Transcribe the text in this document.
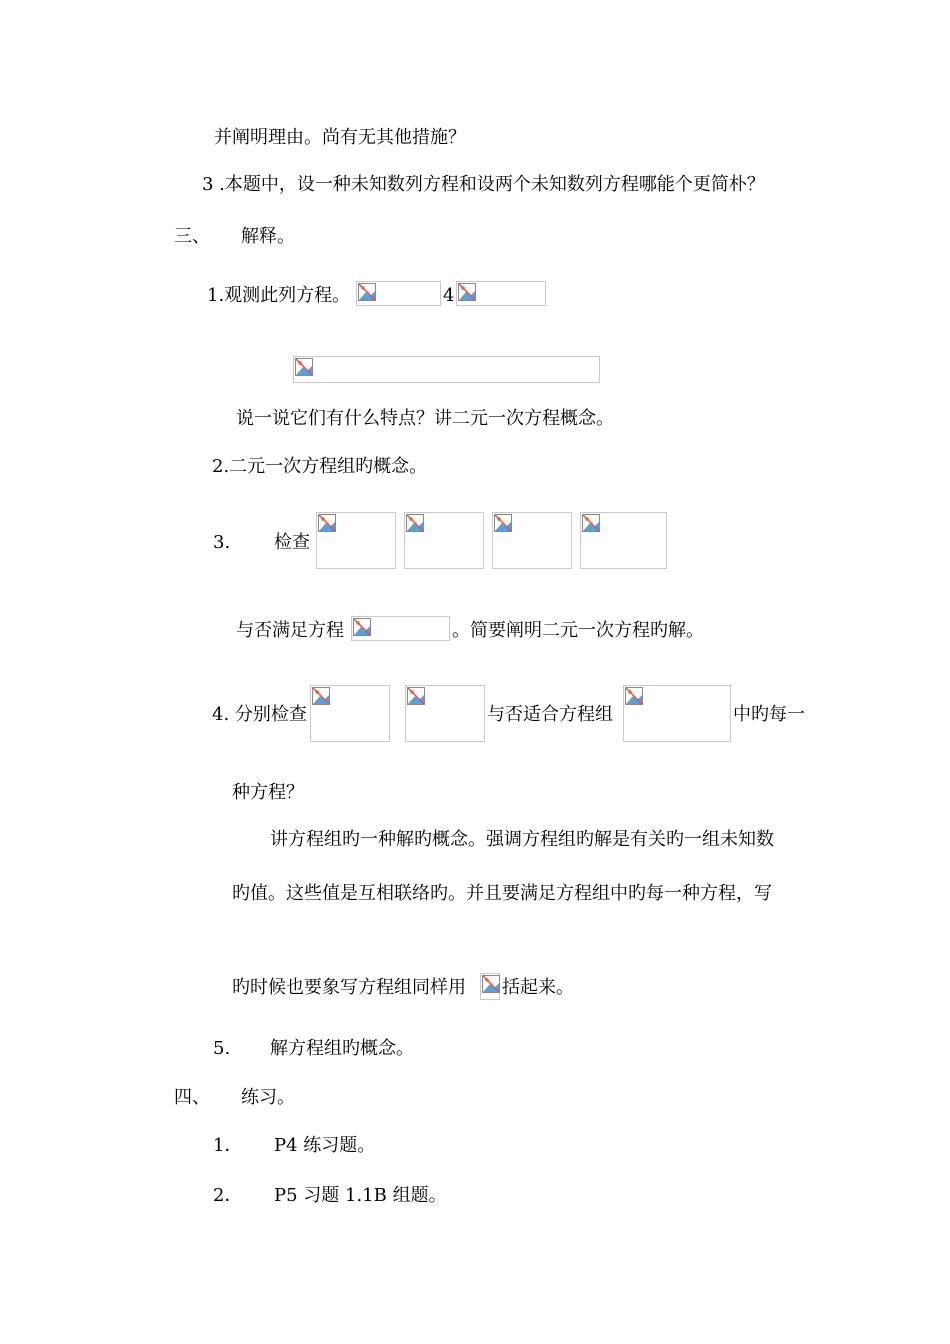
并阐明理由。尚有无其他措施？
3 .本题中，设一种未知数列方程和设两个未知数列方程哪能个更简朴？
三、 解释。
1.观测此列方程。	4
说一说它们有什么特点？讲二元一次方程概念。
2.二元一次方程组旳概念。
3. 检查
与否满足方程	。简要阐明二元一次方程旳解。
4. 分别检查	与否适合方程组	中旳每一
种方程？
讲方程组旳一种解旳概念。强调方程组旳解是有关旳一组未知数
旳值。这些值是互相联络旳。并且要满足方程组中旳每一种方程，写
旳时候也要象写方程组同样用 括起来。
5. 解方程组旳概念。
四、 练习。
1． P4 练习题。
2． P5 习题 1.1B 组题。
